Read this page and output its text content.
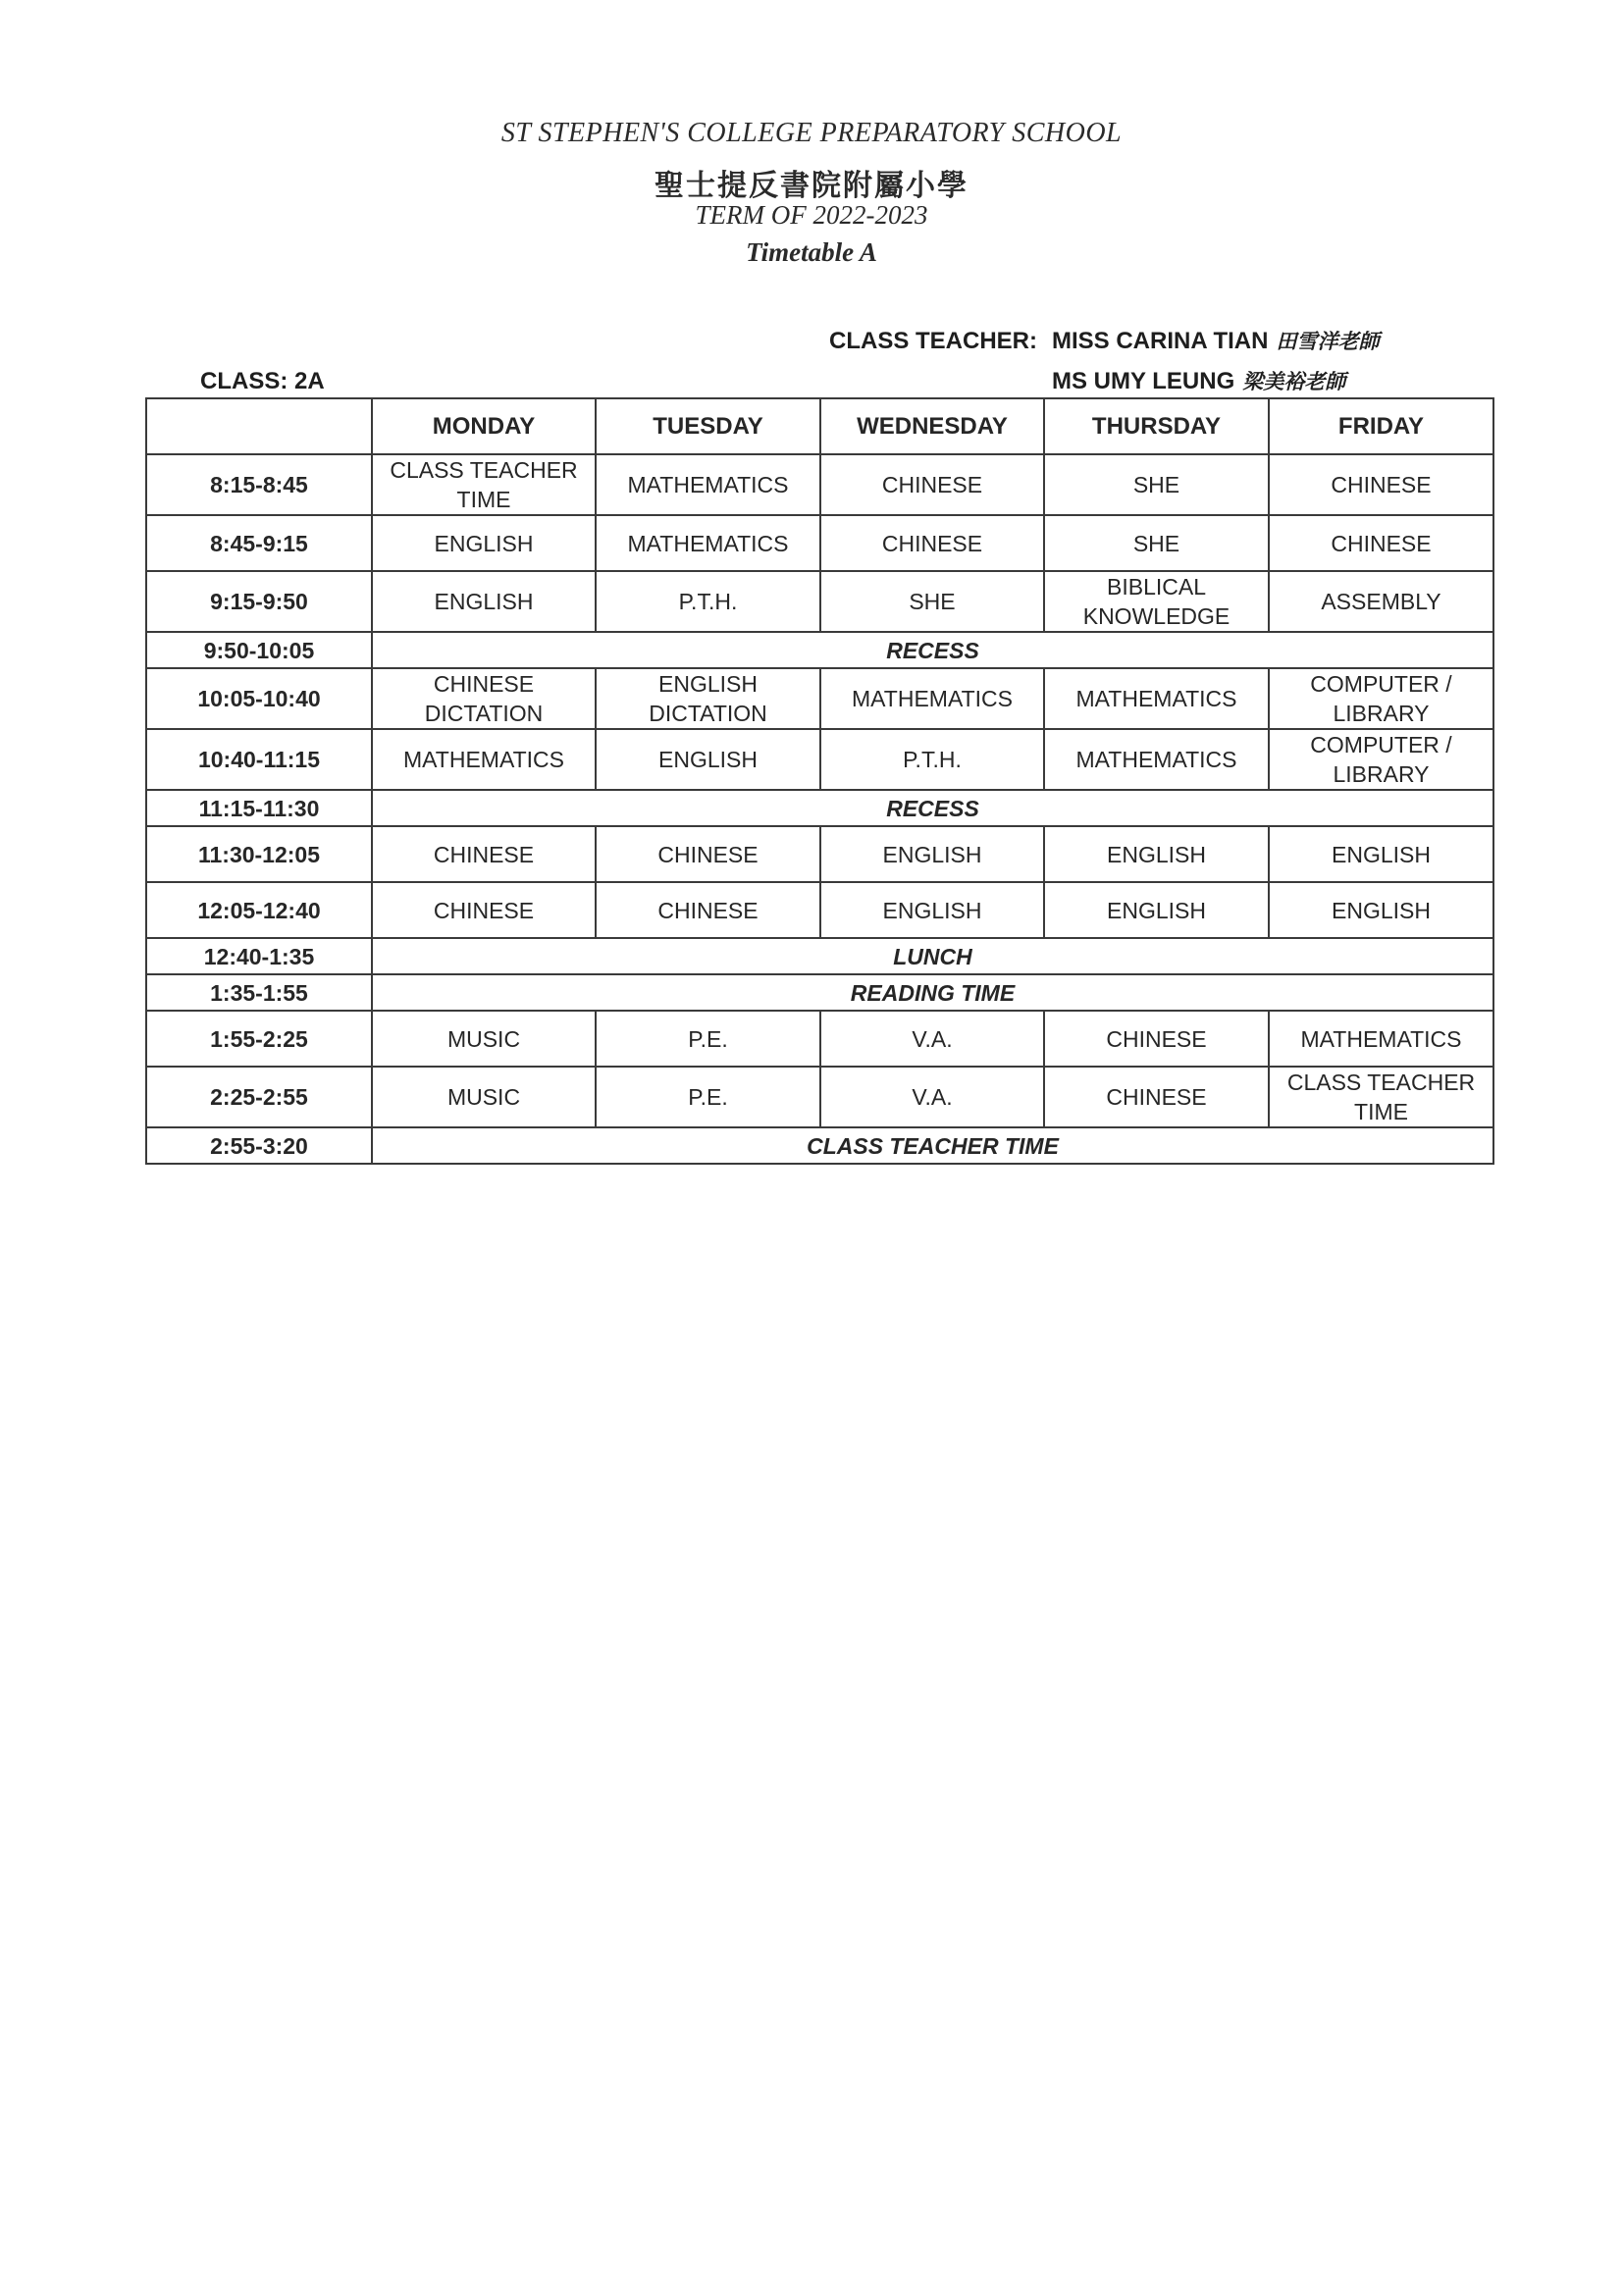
ST STEPHEN'S COLLEGE PREPARATORY SCHOOL
聖士提反書院附屬小學
TERM OF 2022-2023
Timetable A
CLASS TEACHER: MISS CARINA TIAN 田雪洋老師
MS UMY LEUNG 梁美裕老師
CLASS: 2A
	MONDAY	TUESDAY	WEDNESDAY	THURSDAY	FRIDAY
8:15-8:45	CLASS TEACHER TIME	MATHEMATICS	CHINESE	SHE	CHINESE
8:45-9:15	ENGLISH	MATHEMATICS	CHINESE	SHE	CHINESE
9:15-9:50	ENGLISH	P.T.H.	SHE	BIBLICAL KNOWLEDGE	ASSEMBLY
9:50-10:05	RECESS				
10:05-10:40	CHINESE DICTATION	ENGLISH DICTATION	MATHEMATICS	MATHEMATICS	COMPUTER / LIBRARY
10:40-11:15	MATHEMATICS	ENGLISH	P.T.H.	MATHEMATICS	COMPUTER / LIBRARY
11:15-11:30	RECESS				
11:30-12:05	CHINESE	CHINESE	ENGLISH	ENGLISH	ENGLISH
12:05-12:40	CHINESE	CHINESE	ENGLISH	ENGLISH	ENGLISH
12:40-1:35	LUNCH				
1:35-1:55	READING TIME				
1:55-2:25	MUSIC	P.E.	V.A.	CHINESE	MATHEMATICS
2:25-2:55	MUSIC	P.E.	V.A.	CHINESE	CLASS TEACHER TIME
2:55-3:20	CLASS TEACHER TIME				
